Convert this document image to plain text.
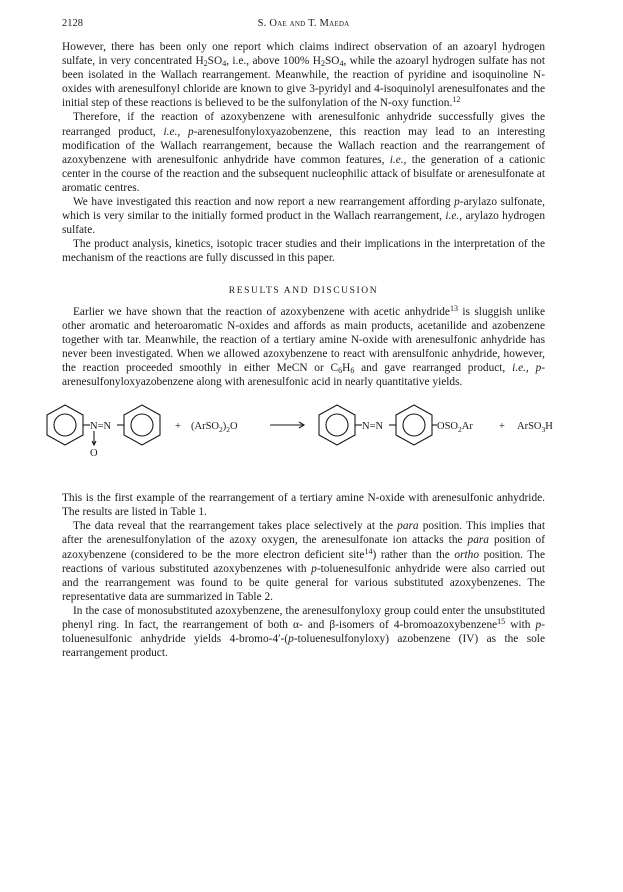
2128	S. Oae and T. Maeda

However, there has been only one report which claims indirect observation of an azoaryl hydrogen sulfate, in very concentrated $H_2SO_4$, i.e., above 100% $H_2SO_4$, while the azoaryl hydrogen sulfate has not been isolated in the Wallach rearrangement. Meanwhile, the reaction of pyridine and isoquinoline N-oxides with arenesulfonyl chloride are known to give 3-pyridyl and 4-isoquinolyl arenesulfonates and the initial step of these reactions is believed to be the sulfonylation of the N-oxy function.$^{12}$

Therefore, if the reaction of azoxybenzene with arenesulfonic anhydride successfully gives the rearranged product, i.e., p-arenesulfonyloxyazobenzene, this reaction may lead to an interesting modification of the Wallach rearrangement, because the Wallach reaction and the rearrangement of azoxybenzene with arenesulfonic anhydride have common features, i.e., the generation of a cationic center in the course of the reaction and the subsequent nucleophilic attack of bisulfate or arenesulfonate at aromatic centres.

We have investigated this reaction and now report a new rearrangement affording p-arylazo sulfonate, which is very similar to the initially formed product in the Wallach rearrangement, i.e., arylazo hydrogen sulfate.

The product analysis, kinetics, isotopic tracer studies and their implications in the interpretation of the mechanism of the reactions are fully discussed in this paper.

RESULTS AND DISCUSION

Earlier we have shown that the reaction of azoxybenzene with acetic anhydride$^{13}$ is sluggish unlike other aromatic and heteroaromatic N-oxides and affords as main products, acetanilide and azobenzene together with tar. Meanwhile, the reaction of a tertiary amine N-oxide with arenesulfonic anhydride has never been investigated. When we allowed azoxybenzene to react with arensulfonic anhydride, however, the reaction proceeded smoothly in either MeCN or $C_6H_6$ and gave rearranged product, i.e., p-arenesulfonyloxyazobenzene along with arenesulfonic acid in nearly quantitative yields.

N=N
O
+ $(ArSO_2)_2O$	N=N	$OSO_2Ar$ + ArSO$_3$H

This is the first example of the rearrangement of a tertiary amine N-oxide with arenesulfonic anhydride. The results are listed in Table 1.

The data reveal that the rearrangement takes place selectively at the para position. This implies that after the arenesulfonylation of the azoxy oxygen, the arenesulfonate ion attacks the para position of azoxybenzene (considered to be the more electron deficient site$^{14}$) rather than the ortho position. The reactions of various substituted azoxybenzenes with p-toluenesulfonic anhydride were also carried out and the rearrangement was found to be quite general for various substituted azoxybenzenes. The representative data are summarized in Table 2.

In the case of monosubstituted azoxybenzene, the arenesulfonyloxy group could enter the unsubstituted phenyl ring. In fact, the rearrangement of both α- and β-isomers of 4-bromoazoxybenzene$^{15}$ with p-toluenesulfonic anhydride yields 4-bromo-4′-(p-toluenesulfonyloxy) azobenzene (IV) as the sole rearrangement product.
